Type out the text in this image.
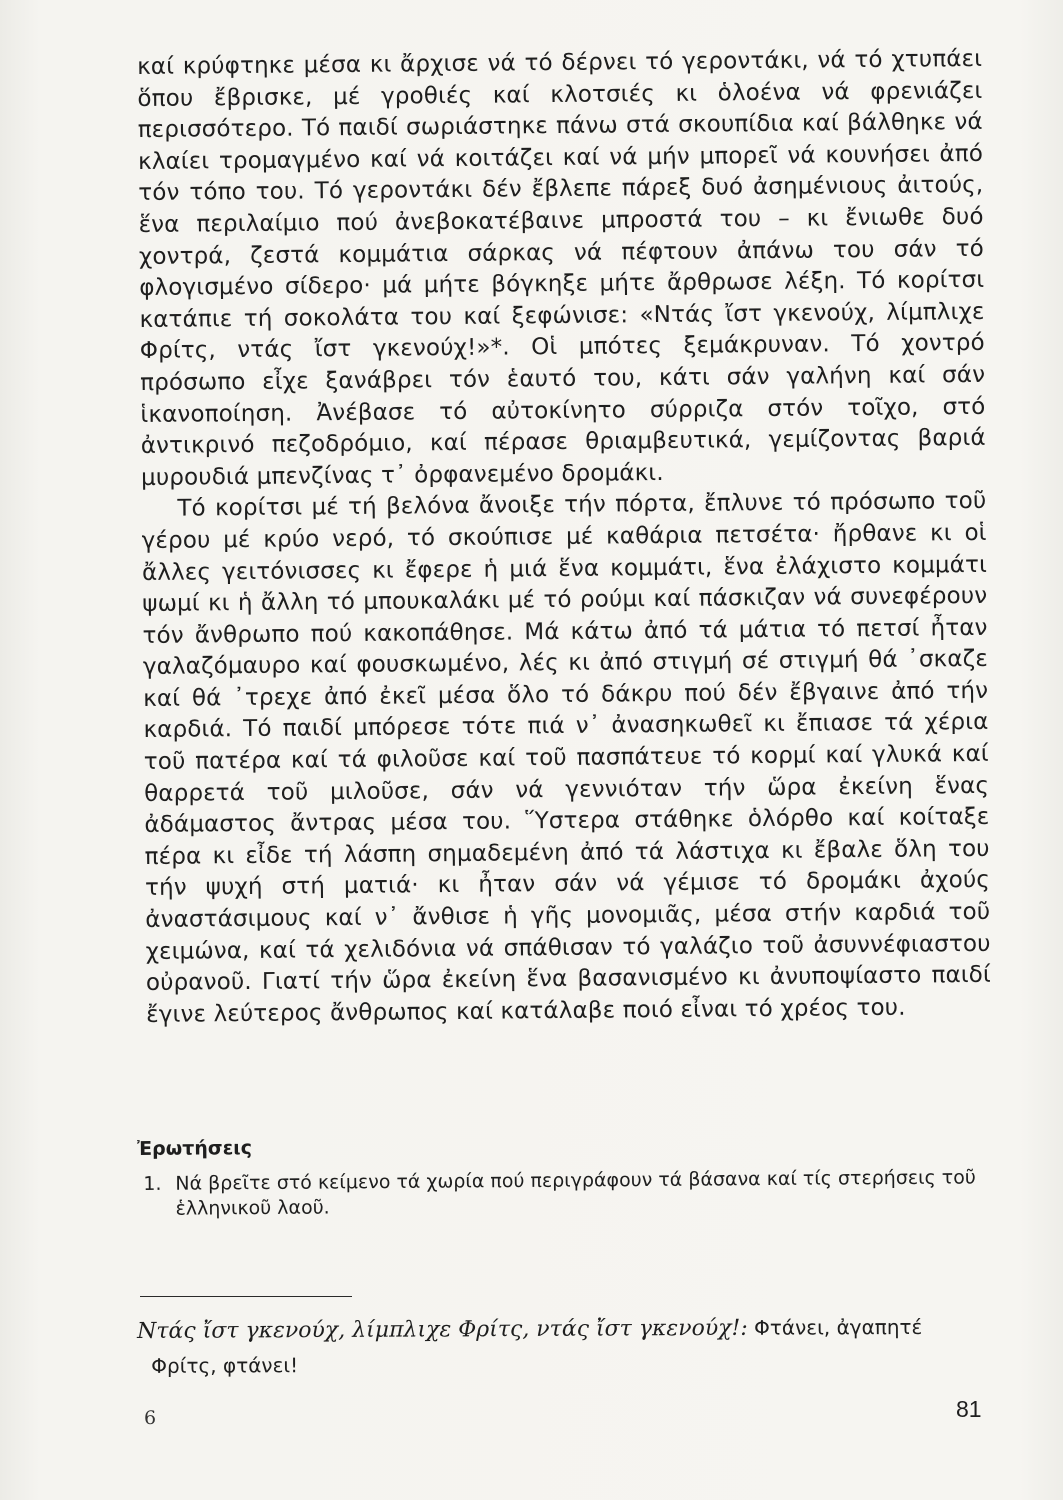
καί κρύφτηκε μέσα κι ἄρχισε νά τό δέρνει τό γεροντάκι, νά τό χτυπάει ὅπου ἔβρισκε, μέ γροθιές καί κλοτσιές κι ὁλοένα νά φρενιάζει περισσότερο. Τό παιδί σωριάστηκε πάνω στά σκουπίδια καί βάλθηκε νά κλαίει τρομαγμένο καί νά κοιτάζει καί νά μήν μπορεῖ νά κουνήσει ἀπό τόν τόπο του. Τό γεροντάκι δέν ἔβλεπε πάρεξ δυό ἀσημένιους ἀιτούς, ἕνα περιλαίμιο πού ἀνεβοκατέβαινε μπροστά του – κι ἔνιωθε δυό χοντρά, ζεστά κομμάτια σάρκας νά πέφτουν ἀπάνω του σάν τό φλογισμένο σίδερο· μά μήτε βόγκηξε μήτε ἄρθρωσε λέξη. Τό κορίτσι κατάπιε τή σοκολάτα του καί ξεφώνισε: «Ντάς ἴστ γκενούχ, λίμπλιχε Φρίτς, ντάς ἴστ γκενούχ!»*. Οἱ μπότες ξεμάκρυναν. Τό χοντρό πρόσωπο εἶχε ξανάβρει τόν ἑαυτό του, κάτι σάν γαλήνη καί σάν ἱκανοποίηση. Ἀνέβασε τό αὐτοκίνητο σύρριζα στόν τοῖχο, στό ἀντικρινό πεζοδρόμιο, καί πέρασε θριαμβευτικά, γεμίζοντας βαριά μυρουδιά μπενζίνας τ᾽ ὀρφανεμένο δρομάκι.

Τό κορίτσι μέ τή βελόνα ἄνοιξε τήν πόρτα, ἔπλυνε τό πρόσωπο τοῦ γέρου μέ κρύο νερό, τό σκούπισε μέ καθάρια πετσέτα· ἤρθανε κι οἱ ἄλλες γειτόνισσες κι ἔφερε ἡ μιά ἕνα κομμάτι, ἕνα ἐλάχιστο κομμάτι ψωμί κι ἡ ἄλλη τό μπουκαλάκι μέ τό ρούμι καί πάσκιζαν νά συνεφέρουν τόν ἄνθρωπο πού κακοπάθησε. Μά κάτω ἀπό τά μάτια τό πετσί ἦταν γαλαζόμαυρο καί φουσκωμένο, λές κι ἀπό στιγμή σέ στιγμή θά ᾽σκαζε καί θά ᾽τρεχε ἀπό ἐκεῖ μέσα ὅλο τό δάκρυ πού δέν ἔβγαινε ἀπό τήν καρδιά. Τό παιδί μπόρεσε τότε πιά ν᾽ ἀνασηκωθεῖ κι ἔπιασε τά χέρια τοῦ πατέρα καί τά φιλοῦσε καί τοῦ πασπάτευε τό κορμί καί γλυκά καί θαρρετά τοῦ μιλοῦσε, σάν νά γεννιόταν τήν ὥρα ἐκείνη ἕνας ἀδάμαστος ἄντρας μέσα του. Ὕστερα στάθηκε ὁλόρθο καί κοίταξε πέρα κι εἶδε τή λάσπη σημαδεμένη ἀπό τά λάστιχα κι ἔβαλε ὅλη του τήν ψυχή στή ματιά· κι ἦταν σάν νά γέμισε τό δρομάκι ἀχούς ἀναστάσιμους καί ν᾽ ἄνθισε ἡ γῆς μονομιᾶς, μέσα στήν καρδιά τοῦ χειμώνα, καί τά χελιδόνια νά σπάθισαν τό γαλάζιο τοῦ ἀσυννέφιαστου οὐρανοῦ. Γιατί τήν ὥρα ἐκείνη ἕνα βασανισμένο κι ἀνυποψίαστο παιδί ἔγινε λεύτερος ἄνθρωπος καί κατάλαβε ποιό εἶναι τό χρέος του.

Ἐρωτήσεις
1. Νά βρεῖτε στό κείμενο τά χωρία πού περιγράφουν τά βάσανα καί τίς στερήσεις τοῦ ἑλληνικοῦ λαοῦ.
Ντάς ἴστ γκενούχ, λίμπλιχε Φρίτς, ντάς ἴστ γκενούχ!: Φτάνει, ἀγαπητέ
Φρίτς, φτάνει!
6	81
